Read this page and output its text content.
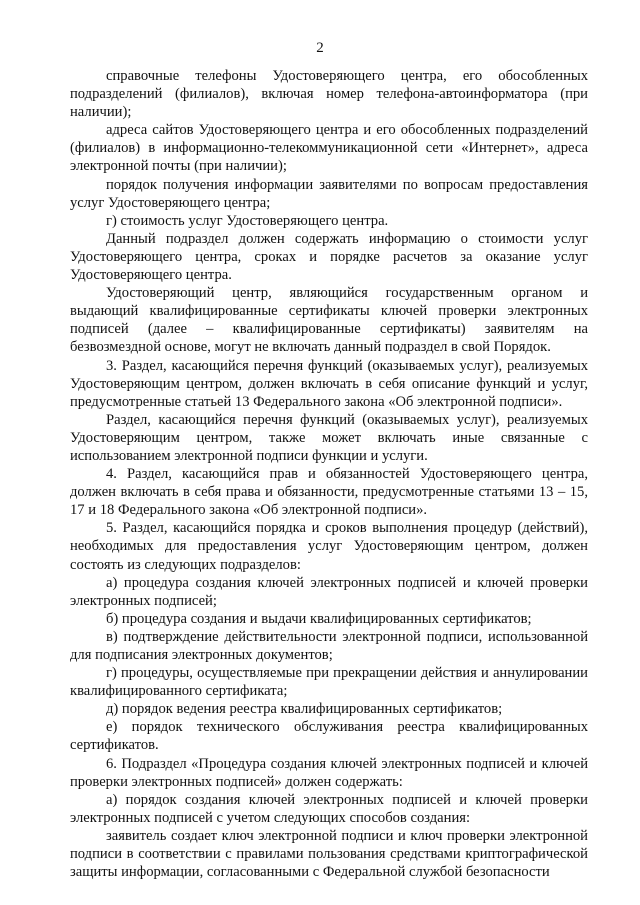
2

справочные телефоны Удостоверяющего центра, его обособленных подразделений (филиалов), включая номер телефона-автоинформатора (при наличии);

адреса сайтов Удостоверяющего центра и его обособленных подразделений (филиалов) в информационно-телекоммуникационной сети «Интернет», адреса электронной почты (при наличии);

порядок получения информации заявителями по вопросам предоставления услуг Удостоверяющего центра;

г) стоимость услуг Удостоверяющего центра.

Данный подраздел должен содержать информацию о стоимости услуг Удостоверяющего центра, сроках и порядке расчетов за оказание услуг Удостоверяющего центра.

Удостоверяющий центр, являющийся государственным органом и выдающий квалифицированные сертификаты ключей проверки электронных подписей (далее – квалифицированные сертификаты) заявителям на безвозмездной основе, могут не включать данный подраздел в свой Порядок.

3. Раздел, касающийся перечня функций (оказываемых услуг), реализуемых Удостоверяющим центром, должен включать в себя описание функций и услуг, предусмотренные статьей 13 Федерального закона «Об электронной подписи».

Раздел, касающийся перечня функций (оказываемых услуг), реализуемых Удостоверяющим центром, также может включать иные связанные с использованием электронной подписи функции и услуги.

4. Раздел, касающийся прав и обязанностей Удостоверяющего центра, должен включать в себя права и обязанности, предусмотренные статьями 13 – 15, 17 и 18 Федерального закона «Об электронной подписи».

5. Раздел, касающийся порядка и сроков выполнения процедур (действий), необходимых для предоставления услуг Удостоверяющим центром, должен состоять из следующих подразделов:

а) процедура создания ключей электронных подписей и ключей проверки электронных подписей;

б) процедура создания и выдачи квалифицированных сертификатов;

в) подтверждение действительности электронной подписи, использованной для подписания электронных документов;

г) процедуры, осуществляемые при прекращении действия и аннулировании квалифицированного сертификата;

д) порядок ведения реестра квалифицированных сертификатов;

е) порядок технического обслуживания реестра квалифицированных сертификатов.

6. Подраздел «Процедура создания ключей электронных подписей и ключей проверки электронных подписей» должен содержать:

а) порядок создания ключей электронных подписей и ключей проверки электронных подписей с учетом следующих способов создания:

заявитель создает ключ электронной подписи и ключ проверки электронной подписи в соответствии с правилами пользования средствами криптографической защиты информации, согласованными с Федеральной службой безопасности
